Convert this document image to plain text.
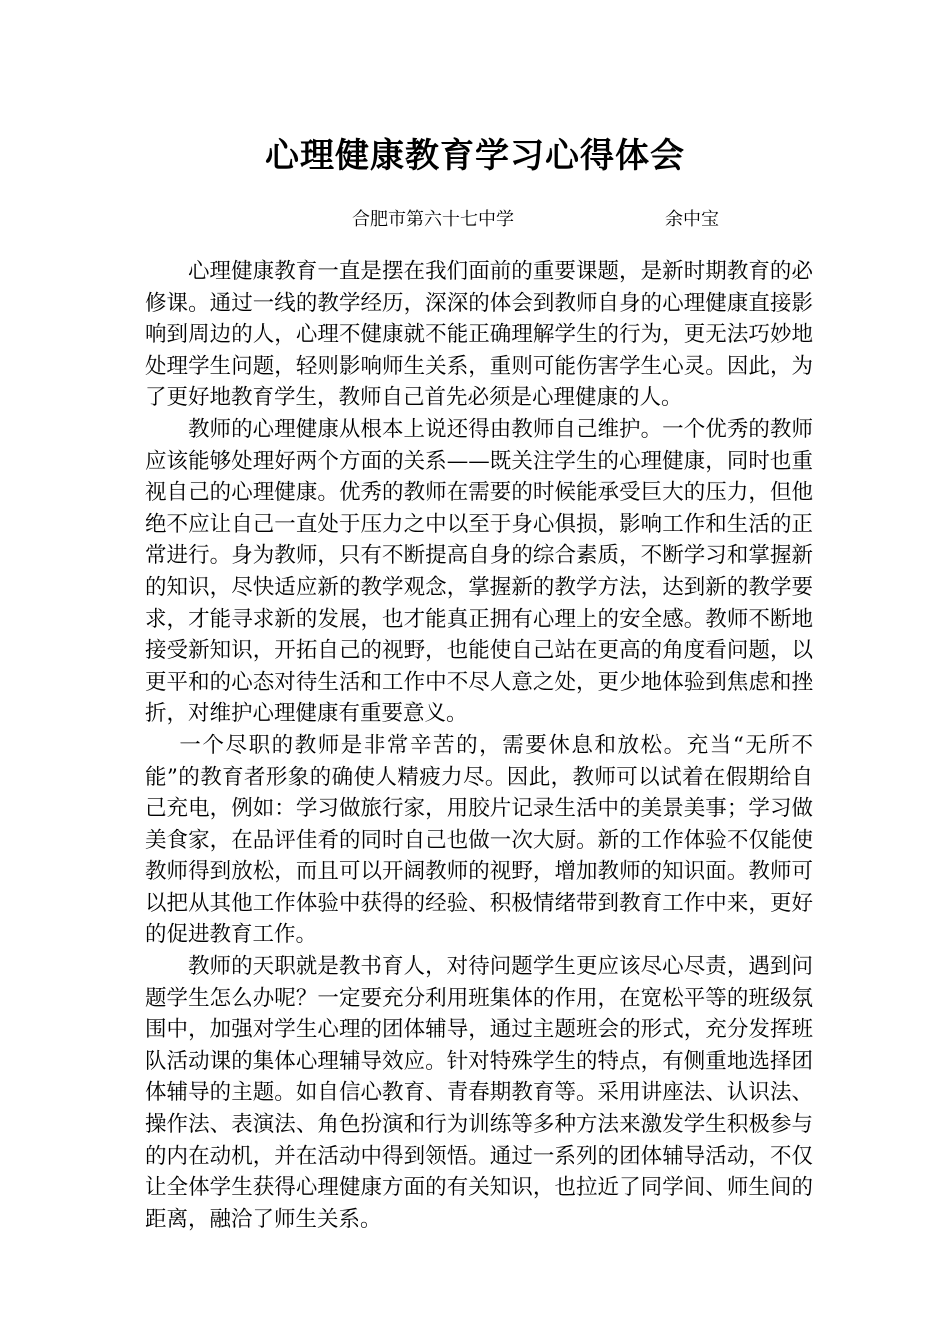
心理健康教育学习心得体会
合肥市第六十七中学	余中宝

心理健康教育一直是摆在我们面前的重要课题，是新时期教育的必修课。通过一线的教学经历，深深的体会到教师自身的心理健康直接影响到周边的人，心理不健康就不能正确理解学生的行为，更无法巧妙地处理学生问题，轻则影响师生关系，重则可能伤害学生心灵。因此，为了更好地教育学生，教师自己首先必须是心理健康的人。

教师的心理健康从根本上说还得由教师自己维护。一个优秀的教师应该能够处理好两个方面的关系——既关注学生的心理健康，同时也重视自己的心理健康。优秀的教师在需要的时候能承受巨大的压力，但他绝不应让自己一直处于压力之中以至于身心俱损，影响工作和生活的正常进行。身为教师，只有不断提高自身的综合素质，不断学习和掌握新的知识，尽快适应新的教学观念，掌握新的教学方法，达到新的教学要求，才能寻求新的发展，也才能真正拥有心理上的安全感。教师不断地接受新知识，开拓自己的视野，也能使自己站在更高的角度看问题，以更平和的心态对待生活和工作中不尽人意之处，更少地体验到焦虑和挫折，对维护心理健康有重要意义。

一个尽职的教师是非常辛苦的，需要休息和放松。充当“无所不能”的教育者形象的确使人精疲力尽。因此，教师可以试着在假期给自己充电，例如：学习做旅行家，用胶片记录生活中的美景美事；学习做美食家，在品评佳肴的同时自己也做一次大厨。新的工作体验不仅能使教师得到放松，而且可以开阔教师的视野，增加教师的知识面。教师可以把从其他工作体验中获得的经验、积极情绪带到教育工作中来，更好的促进教育工作。

教师的天职就是教书育人，对待问题学生更应该尽心尽责，遇到问题学生怎么办呢？一定要充分利用班集体的作用，在宽松平等的班级氛围中，加强对学生心理的团体辅导，通过主题班会的形式，充分发挥班队活动课的集体心理辅导效应。针对特殊学生的特点，有侧重地选择团体辅导的主题。如自信心教育、青春期教育等。采用讲座法、认识法、操作法、表演法、角色扮演和行为训练等多种方法来激发学生积极参与的内在动机，并在活动中得到领悟。通过一系列的团体辅导活动，不仅让全体学生获得心理健康方面的有关知识，也拉近了同学间、师生间的距离，融洽了师生关系。
